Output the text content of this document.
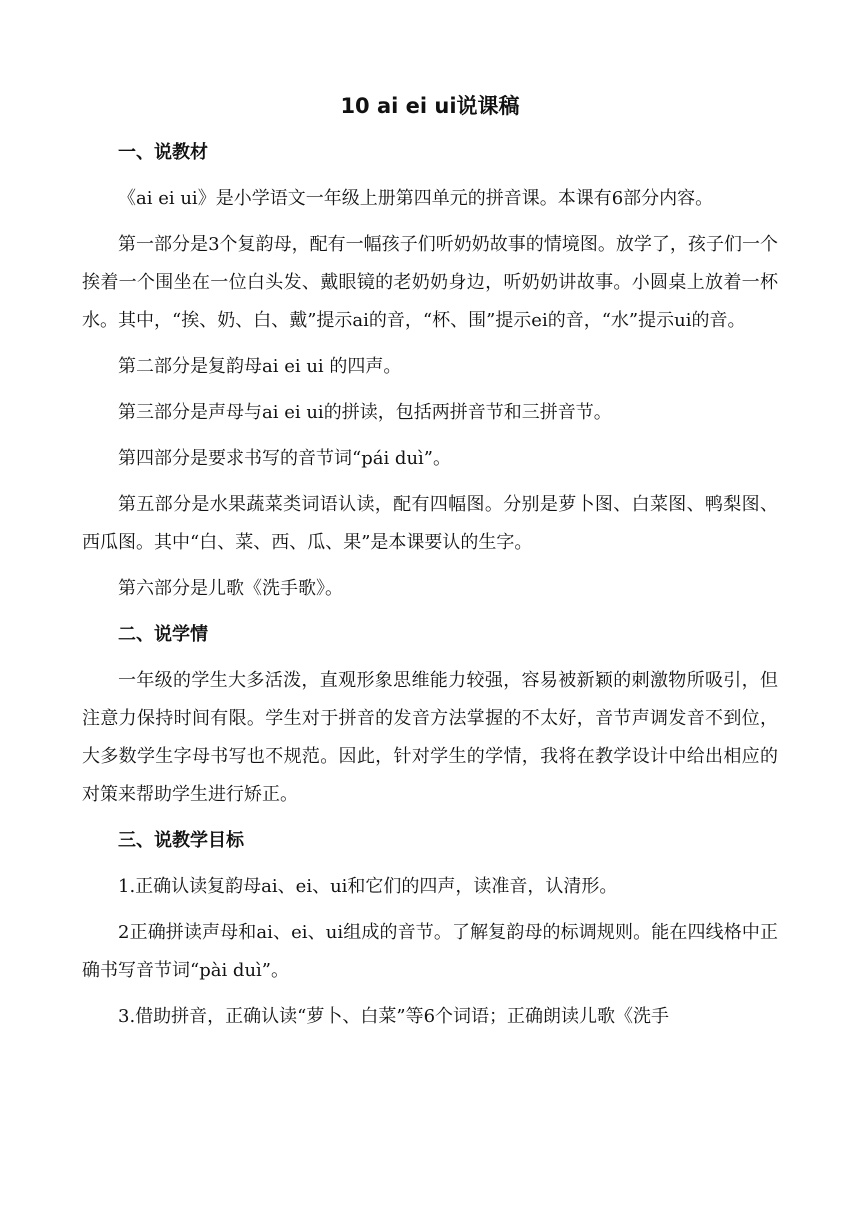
10 ai ei ui说课稿

一、说教材

《ai ei ui》是小学语文一年级上册第四单元的拼音课。本课有6部分内容。

第一部分是3个复韵母，配有一幅孩子们听奶奶故事的情境图。放学了，孩子们一个挨着一个围坐在一位白头发、戴眼镜的老奶奶身边，听奶奶讲故事。小圆桌上放着一杯水。其中，“挨、奶、白、戴”提示ai的音，“杯、围”提示ei的音，“水”提示ui的音。

第二部分是复韵母ai ei ui 的四声。

第三部分是声母与ai ei ui的拼读，包括两拼音节和三拼音节。

第四部分是要求书写的音节词“pái duì”。

第五部分是水果蔬菜类词语认读，配有四幅图。分别是萝卜图、白菜图、鸭梨图、西瓜图。其中“白、菜、西、瓜、果”是本课要认的生字。

第六部分是儿歌《洗手歌》。

二、说学情

一年级的学生大多活泼，直观形象思维能力较强，容易被新颖的刺激物所吸引，但注意力保持时间有限。学生对于拼音的发音方法掌握的不太好，音节声调发音不到位，大多数学生字母书写也不规范。因此，针对学生的学情，我将在教学设计中给出相应的对策来帮助学生进行矫正。

三、说教学目标

1.正确认读复韵母ai、ei、ui和它们的四声，读准音，认清形。

2正确拼读声母和ai、ei、ui组成的音节。了解复韵母的标调规则。能在四线格中正确书写音节词“pài duì”。

3.借助拼音，正确认读“萝卜、白菜”等6个词语；正确朗读儿歌《洗手
